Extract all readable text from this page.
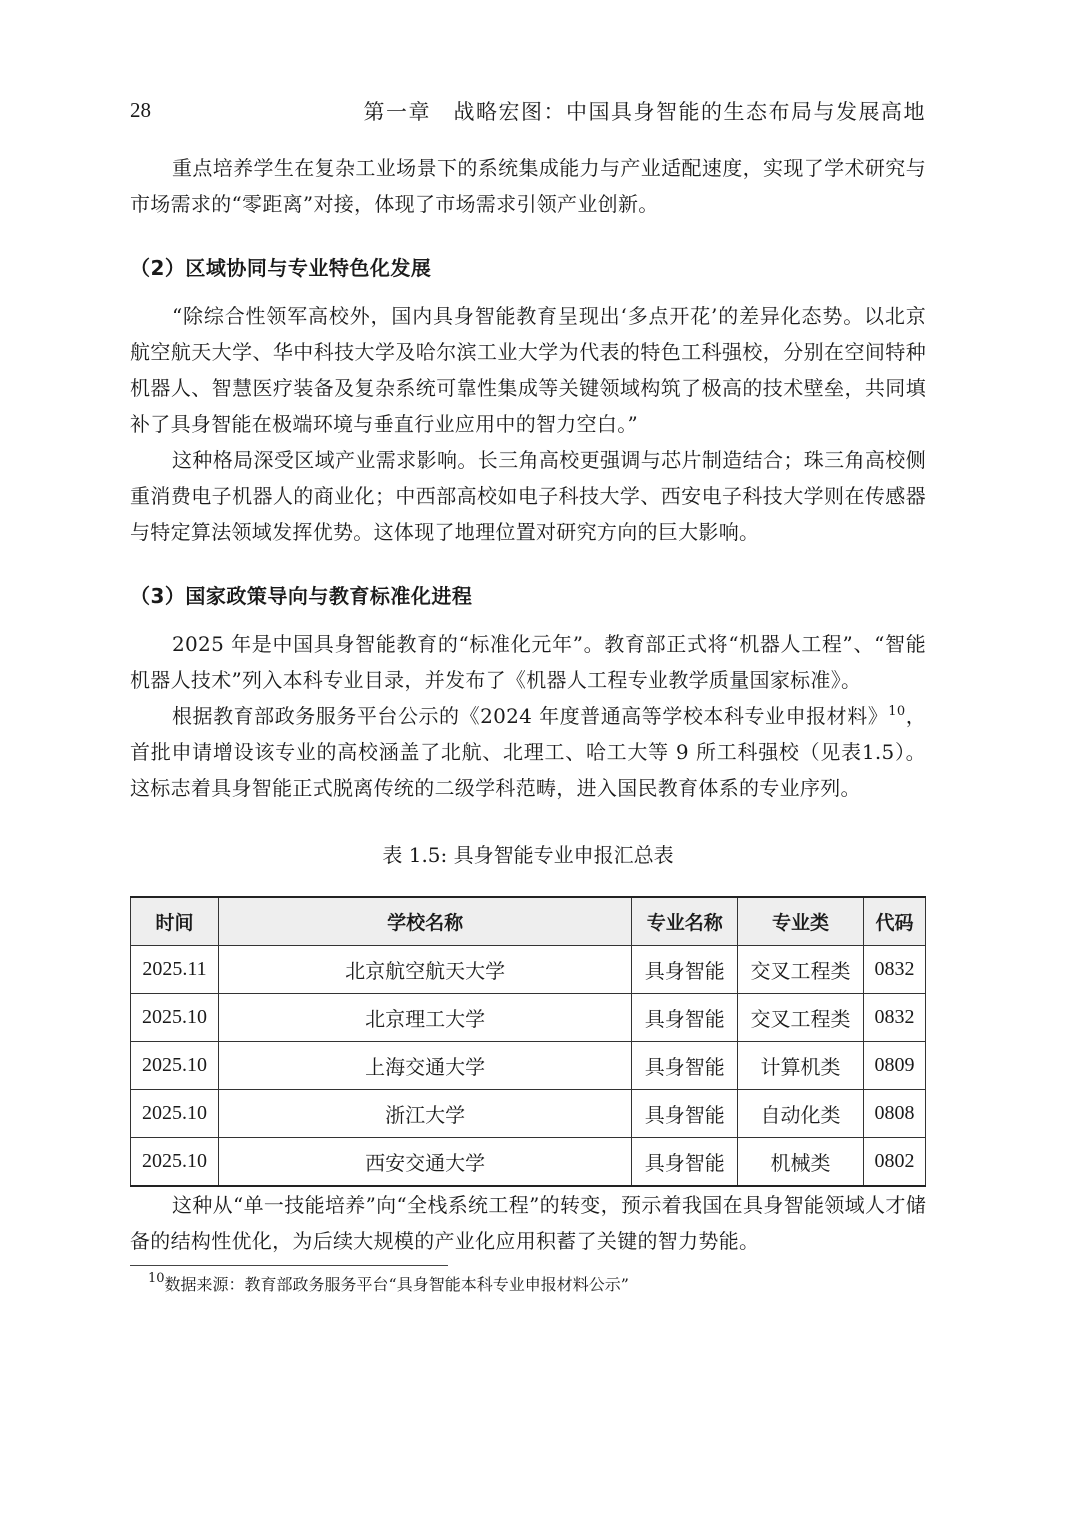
28	第一章　战略宏图：中国具身智能的生态布局与发展高地

重点培养学生在复杂工业场景下的系统集成能力与产业适配速度，实现了学术研究与市场需求的“零距离”对接，体现了市场需求引领产业创新。

（2）区域协同与专业特色化发展

“除综合性领军高校外，国内具身智能教育呈现出‘多点开花’的差异化态势。以北京航空航天大学、华中科技大学及哈尔滨工业大学为代表的特色工科强校，分别在空间特种机器人、智慧医疗装备及复杂系统可靠性集成等关键领域构筑了极高的技术壁垒，共同填补了具身智能在极端环境与垂直行业应用中的智力空白。”

这种格局深受区域产业需求影响。长三角高校更强调与芯片制造结合；珠三角高校侧重消费电子机器人的商业化；中西部高校如电子科技大学、西安电子科技大学则在传感器与特定算法领域发挥优势。这体现了地理位置对研究方向的巨大影响。

（3）国家政策导向与教育标准化进程

2025 年是中国具身智能教育的“标准化元年”。教育部正式将“机器人工程”、“智能机器人技术”列入本科专业目录，并发布了《机器人工程专业教学质量国家标准》。

根据教育部政务服务平台公示的《2024 年度普通高等学校本科专业申报材料》$^{10}$，首批申请增设该专业的高校涵盖了北航、北理工、哈工大等 9 所工科强校（见表1.5）。这标志着具身智能正式脱离传统的二级学科范畴，进入国民教育体系的专业序列。

表 1.5: 具身智能专业申报汇总表
时间	学校名称	专业名称	专业类	代码
2025.11	北京航空航天大学	具身智能	交叉工程类	0832
2025.10	北京理工大学	具身智能	交叉工程类	0832
2025.10	上海交通大学	具身智能	计算机类	0809
2025.10	浙江大学	具身智能	自动化类	0808
2025.10	西安交通大学	具身智能	机械类	0802

这种从“单一技能培养”向“全栈系统工程”的转变，预示着我国在具身智能领域人才储备的结构性优化，为后续大规模的产业化应用积蓄了关键的智力势能。

$^{10}$数据来源：教育部政务服务平台“具身智能本科专业申报材料公示”
